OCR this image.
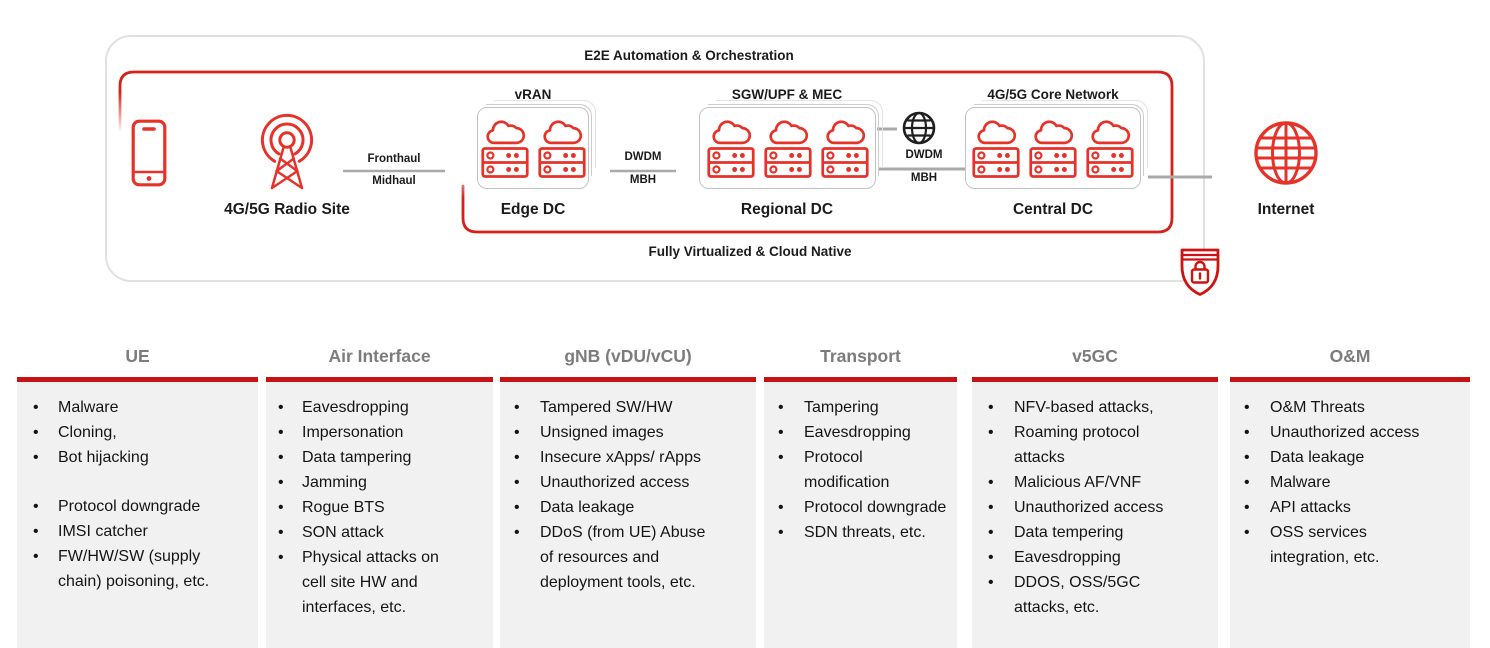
E2E Automation & Orchestration
Fully Virtualized & Cloud Native
4G/5G Radio Site
Fronthaul
Midhaul
vRAN
Edge DC
DWDM
MBH
SGW/UPF & MEC
Regional DC
DWDM
MBH
4G/5G Core Network
Central DC	Internet
UE
• Malware
• Cloning,
• Bot hijacking
• Protocol downgrade
• IMSI catcher
• FW/HW/SW (supply chain) poisoning, etc.
Air Interface
• Eavesdropping
• Impersonation
• Data tampering
• Jamming
• Rogue BTS
• SON attack
• Physical attacks on cell site HW and interfaces, etc.
gNB (vDU/vCU)
• Tampered SW/HW
• Unsigned images
• Insecure xApps/ rApps
• Unauthorized access
• Data leakage
• DDoS (from UE) Abuse of resources and deployment tools, etc.
Transport
• Tampering
• Eavesdropping
• Protocol modification
• Protocol downgrade
• SDN threats, etc.
v5GC
• NFV-based attacks,
• Roaming protocol attacks
• Malicious AF/VNF
• Unauthorized access
• Data tempering
• Eavesdropping
• DDOS, OSS/5GC attacks, etc.
O&M
• O&M Threats
• Unauthorized access
• Data leakage
• Malware
• API attacks
• OSS services integration, etc.
